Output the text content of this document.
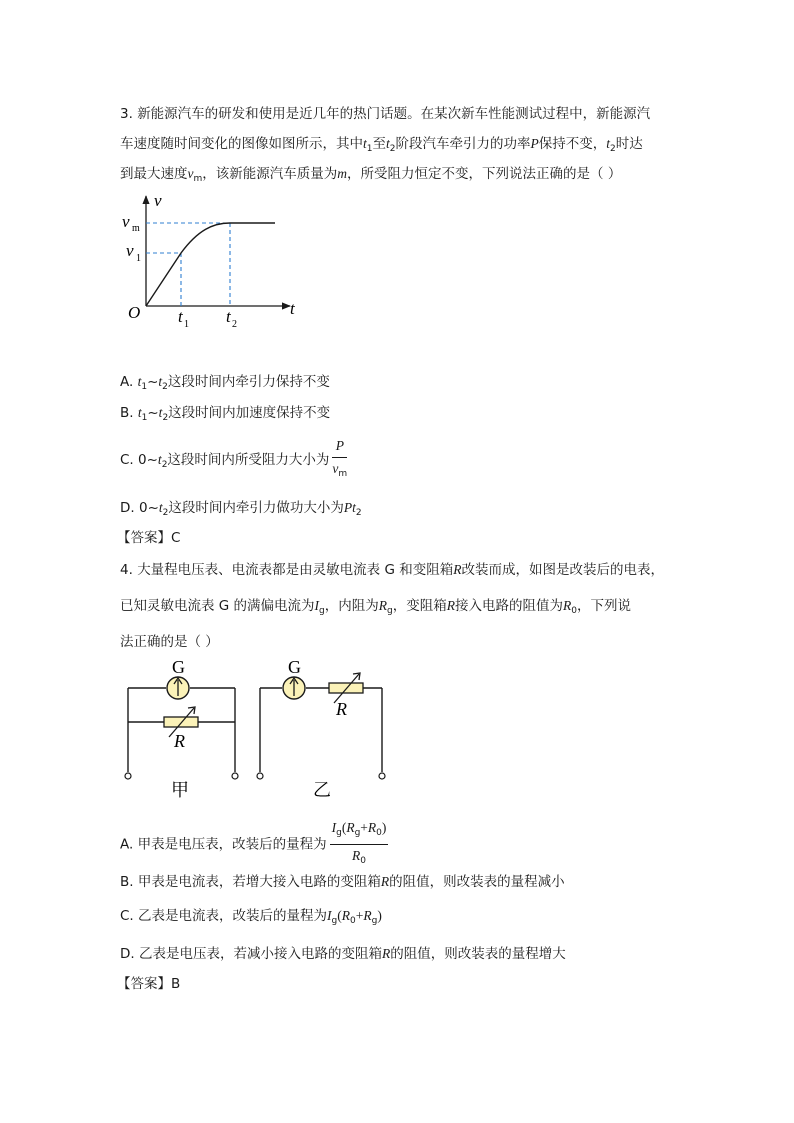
3. 新能源汽车的研发和使用是近几年的热门话题。在某次新车性能测试过程中，新能源汽
车速度随时间变化的图像如图所示，其中$t_1$至$t_2$阶段汽车牵引力的功率P保持不变，$t_2$时达
到最大速度$v_m$，该新能源汽车质量为m，所受阻力恒定不变，下列说法正确的是（ ）
v
v m
v 1
O	t
t 1 t 2
A. $t_1\sim t_2$这段时间内牵引力保持不变
B. $t_1\sim t_2$这段时间内加速度保持不变
C. $0\sim t_2$这段时间内所受阻力大小为 $\frac{P}{v_m}$
D. $0\sim t_2$这段时间内牵引力做功大小为$Pt_2$
【答案】C
4. 大量程电压表、电流表都是由灵敏电流表 G 和变阻箱R改装而成，如图是改装后的电表，
已知灵敏电流表 G 的满偏电流为$I_g$，内阻为$R_g$，变阻箱R接入电路的阻值为$R_0$，下列说
法正确的是（ ）
G
R
甲
G
R
乙
A. 甲表是电压表，改装后的量程为 $\frac{I_g(R_g+R_0)}{R_0}$
B. 甲表是电流表，若增大接入电路的变阻箱R的阻值，则改装表的量程减小
C. 乙表是电流表，改装后的量程为$I_g(R_0+R_g)$
D. 乙表是电压表，若减小接入电路的变阻箱R的阻值，则改装表的量程增大
【答案】B
